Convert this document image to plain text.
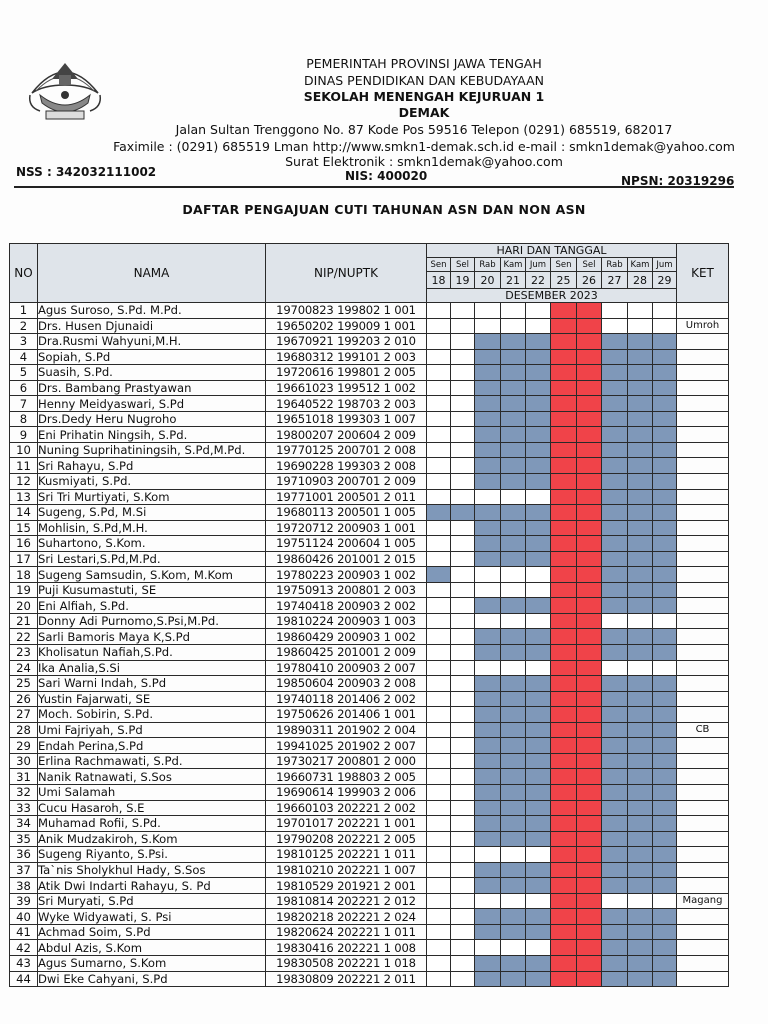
PEMERINTAH PROVINSI JAWA TENGAH
DINAS PENDIDIKAN DAN KEBUDAYAAN
SEKOLAH MENENGAH KEJURUAN 1
DEMAK
Jalan Sultan Trenggono No. 87 Kode Pos 59516 Telepon (0291) 685519, 682017
Faximile : (0291) 685519 Lman http://www.smkn1-demak.sch.id e-mail : smkn1demak@yahoo.com
Surat Elektronik : smkn1demak@yahoo.com
NSS : 342032111002	NIS: 400020	NPSN: 20319296
DAFTAR PENGAJUAN CUTI TAHUNAN ASN DAN NON ASN
NO	NAMA	NIP/NUPTK	HARI DAN TANGGAL										KET
			Sen	Sel	Rab	Kam	Jum	Sen	Sel	Rab	Kam	Jum	
			18	19	20	21	22	25	26	27	28	29	
			DESEMBER 2023										
1	Agus Suroso, S.Pd. M.Pd.	19700823 199802 1 001											
2	Drs. Husen Djunaidi	19650202 199009 1 001											Umroh
3	Dra.Rusmi Wahyuni,M.H.	19670921 199203 2 010											
4	Sopiah, S.Pd	19680312 199101 2 003											
5	Suasih, S.Pd.	19720616 199801 2 005											
6	Drs. Bambang Prastyawan	19661023 199512 1 002											
7	Henny Meidyaswari, S.Pd	19640522 198703 2 003											
8	Drs.Dedy Heru Nugroho	19651018 199303 1 007											
9	Eni Prihatin Ningsih, S.Pd.	19800207 200604 2 009											
10	Nuning Suprihatiningsih, S.Pd,M.Pd.	19770125 200701 2 008											
11	Sri Rahayu, S.Pd	19690228 199303 2 008											
12	Kusmiyati, S.Pd.	19710903 200701 2 009											
13	Sri Tri Murtiyati, S.Kom	19771001 200501 2 011											
14	Sugeng, S.Pd, M.Si	19680113 200501 1 005											
15	Mohlisin, S.Pd,M.H.	19720712 200903 1 001											
16	Suhartono, S.Kom.	19751124 200604 1 005											
17	Sri Lestari,S.Pd,M.Pd.	19860426 201001 2 015											
18	Sugeng Samsudin, S.Kom, M.Kom	19780223 200903 1 002											
19	Puji Kusumastuti, SE	19750913 200801 2 003											
20	Eni Alfiah, S.Pd.	19740418 200903 2 002											
21	Donny Adi Purnomo,S.Psi,M.Pd.	19810224 200903 1 003											
22	Sarli Bamoris Maya K,S.Pd	19860429 200903 1 002											
23	Kholisatun Nafiah,S.Pd.	19860425 201001 2 009											
24	Ika Analia,S.Si	19780410 200903 2 007											
25	Sari Warni Indah, S.Pd	19850604 200903 2 008											
26	Yustin Fajarwati, SE	19740118 201406 2 002											
27	Moch. Sobirin, S.Pd.	19750626 201406 1 001											
28	Umi Fajriyah, S.Pd	19890311 201902 2 004											CB
29	Endah Perina,S.Pd	19941025 201902 2 007											
30	Erlina Rachmawati, S.Pd.	19730217 200801 2 000											
31	Nanik Ratnawati, S.Sos	19660731 198803 2 005											
32	Umi Salamah	19690614 199903 2 006											
33	Cucu Hasaroh, S.E	19660103 202221 2 002											
34	Muhamad Rofii, S.Pd.	19701017 202221 1 001											
35	Anik Mudzakiroh, S.Kom	19790208 202221 2 005											
36	Sugeng Riyanto, S.Psi.	19810125 202221 1 011											
37	Ta`nis Sholykhul Hady, S.Sos	19810210 202221 1 007											
38	Atik Dwi Indarti Rahayu, S. Pd	19810529 201921 2 001											
39	Sri Muryati, S.Pd	19810814 202221 2 012											Magang
40	Wyke Widyawati, S. Psi	19820218 202221 2 024											
41	Achmad Soim, S.Pd	19820624 202221 1 011											
42	Abdul Azis, S.Kom	19830416 202221 1 008											
43	Agus Sumarno, S.Kom	19830508 202221 1 018											
44	Dwi Eke Cahyani, S.Pd	19830809 202221 2 011											
